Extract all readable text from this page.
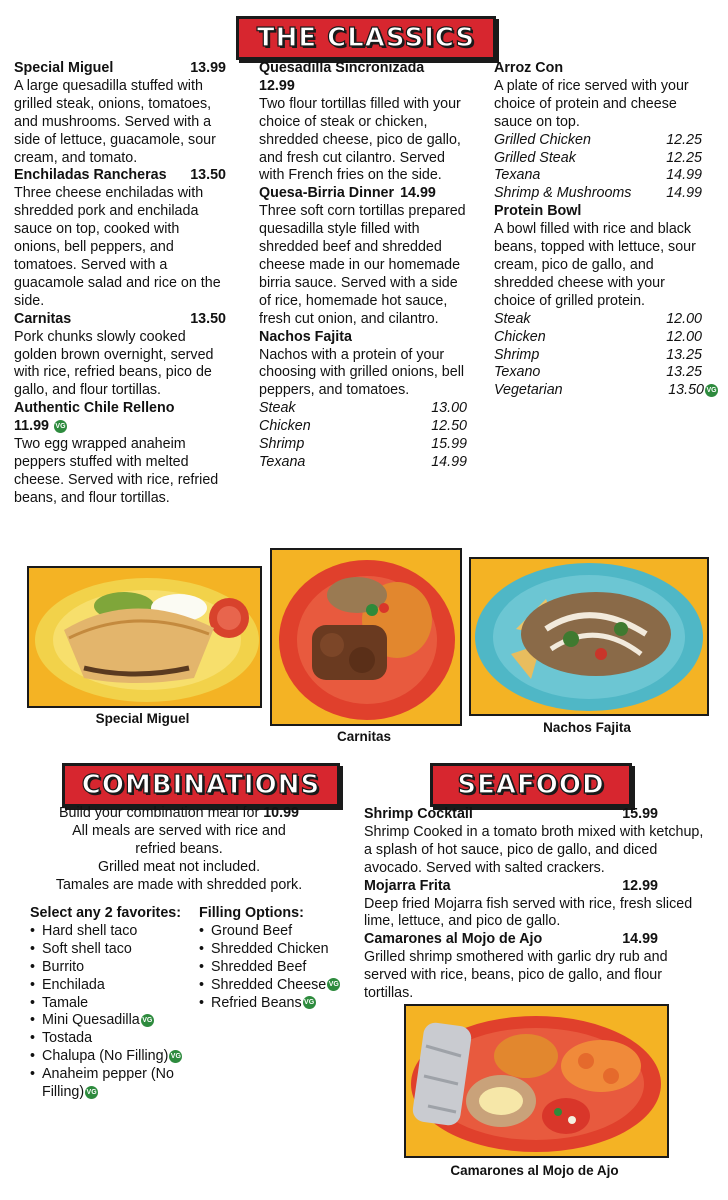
THE CLASSICS
Special Miguel	13.99

A large quesadilla stuffed with grilled steak, onions, tomatoes, and mushrooms. Served with a side of lettuce, guacamole, sour cream, and tomato.

Enchiladas Rancheras 13.50

Three cheese enchiladas with shredded pork and enchilada sauce on top, cooked with onions, bell peppers, and tomatoes. Served with a guacamole salad and rice on the side.

Carnitas	13.50

Pork chunks slowly cooked golden brown overnight, served with rice, refried beans, pico de gallo, and flour tortillas.

Authentic Chile Relleno
11.99 VG

Two egg wrapped anaheim peppers stuffed with melted cheese. Served with rice, refried beans, and flour tortillas.

Quesadilla Sincronizada
12.99

Two flour tortillas filled with your choice of steak or chicken, shredded cheese, pico de gallo, and fresh cut cilantro. Served with French fries on the side.

Quesa-Birria Dinner 14.99

Three soft corn tortillas prepared quesadilla style filled with shredded beef and shredded cheese made in our homemade birria sauce. Served with a side of rice, homemade hot sauce, fresh cut onion, and cilantro.

Nachos Fajita

Nachos with a protein of your choosing with grilled onions, bell peppers, and tomatoes.

Steak	13.00
Chicken	12.50
Shrimp	15.99
Texana	14.99
Arroz Con

A plate of rice served with your choice of protein and cheese sauce on top.

Grilled Chicken	12.25
Grilled Steak	12.25
Texana	14.99
Shrimp & Mushrooms 14.99
Protein Bowl

A bowl filled with rice and black beans, topped with lettuce, sour cream, pico de gallo, and shredded cheese with your choice of grilled protein.

Steak	12.00
Chicken	12.00
Shrimp	13.25
Texano	13.25
Vegetarian	13.50 VG
Special Miguel
Carnitas
Nachos Fajita
COMBINATIONS
Build your combination meal for 10.99
All meals are served with rice and
refried beans.
Grilled meat not included.
Tamales are made with shredded pork.
Select any 2 favorites:
• Hard shell taco
• Soft shell taco
• Burrito
• Enchilada
• Tamale
• Mini Quesadilla VG
• Tostada
• Chalupa (No Filling) VG
• Anaheim pepper (No Filling) VG
Filling Options:
• Ground Beef
• Shredded Chicken
• Shredded Beef
• Shredded Cheese VG
• Refried Beans VG
SEAFOOD
Shrimp Cocktail	15.99

Shrimp Cooked in a tomato broth mixed with ketchup, a splash of hot sauce, pico de gallo, and diced avocado. Served with salted crackers.

Mojarra Frita	12.99

Deep fried Mojarra fish served with rice, fresh sliced lime, lettuce, and pico de gallo.

Camarones al Mojo de Ajo	14.99

Grilled shrimp smothered with garlic dry rub and served with rice, beans, pico de gallo, and flour tortillas.

Camarones al Mojo de Ajo
